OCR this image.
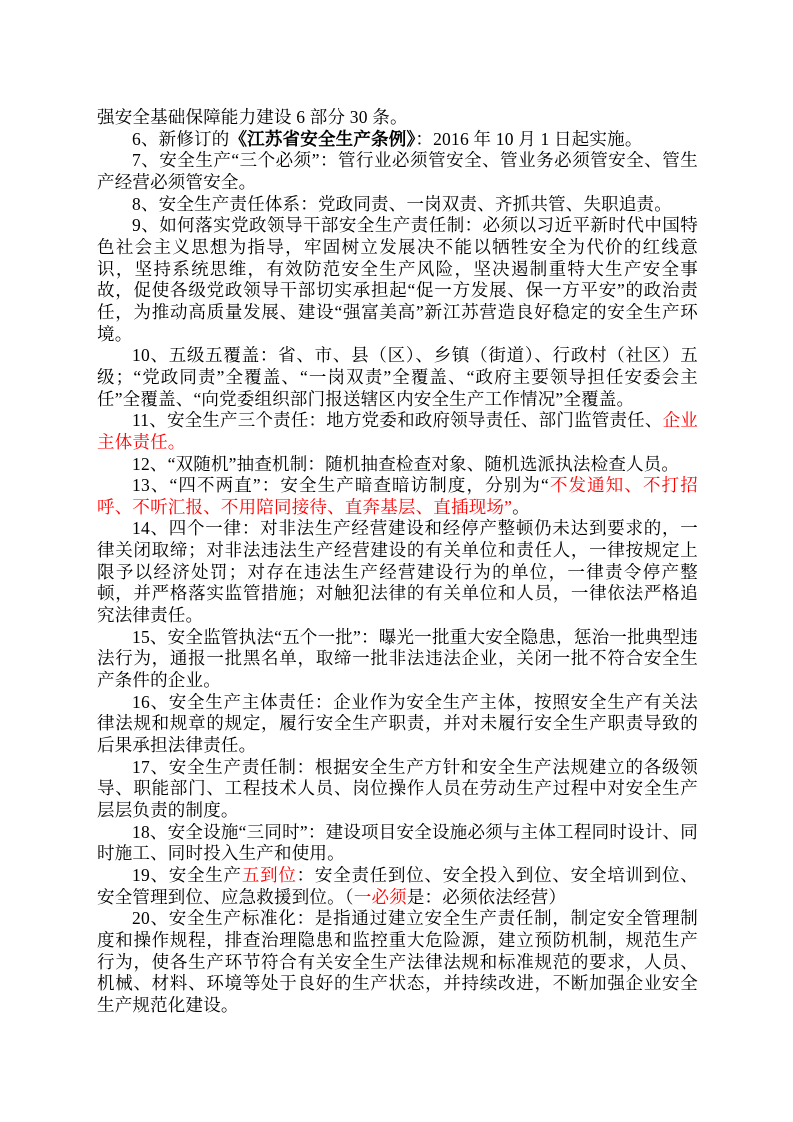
强安全基础保障能力建设 6 部分 30 条。

6、新修订的《江苏省安全生产条例》：2016 年 10 月 1 日起实施。

7、安全生产“三个必须”：管行业必须管安全、管业务必须管安全、管生产经营必须管安全。

8、安全生产责任体系：党政同责、一岗双责、齐抓共管、失职追责。

9、如何落实党政领导干部安全生产责任制：必须以习近平新时代中国特色社会主义思想为指导，牢固树立发展决不能以牺牲安全为代价的红线意识，坚持系统思维，有效防范安全生产风险，坚决遏制重特大生产安全事故，促使各级党政领导干部切实承担起“促一方发展、保一方平安”的政治责任，为推动高质量发展、建设“强富美高”新江苏营造良好稳定的安全生产环境。

10、五级五覆盖：省、市、县（区）、乡镇（街道）、行政村（社区）五级；“党政同责”全覆盖、“一岗双责”全覆盖、“政府主要领导担任安委会主任”全覆盖、“向党委组织部门报送辖区内安全生产工作情况”全覆盖。

11、安全生产三个责任：地方党委和政府领导责任、部门监管责任、企业主体责任。

12、“双随机”抽查机制：随机抽查检查对象、随机选派执法检查人员。

13、“四不两直”：安全生产暗查暗访制度，分别为“不发通知、不打招呼、不听汇报、不用陪同接待、直奔基层、直插现场”。

14、四个一律：对非法生产经营建设和经停产整顿仍未达到要求的，一律关闭取缔；对非法违法生产经营建设的有关单位和责任人，一律按规定上限予以经济处罚；对存在违法生产经营建设行为的单位，一律责令停产整顿，并严格落实监管措施；对触犯法律的有关单位和人员，一律依法严格追究法律责任。

15、安全监管执法“五个一批”：曝光一批重大安全隐患，惩治一批典型违法行为，通报一批黑名单，取缔一批非法违法企业，关闭一批不符合安全生产条件的企业。

16、安全生产主体责任：企业作为安全生产主体，按照安全生产有关法律法规和规章的规定，履行安全生产职责，并对未履行安全生产职责导致的后果承担法律责任。

17、安全生产责任制：根据安全生产方针和安全生产法规建立的各级领导、职能部门、工程技术人员、岗位操作人员在劳动生产过程中对安全生产层层负责的制度。

18、安全设施“三同时”：建设项目安全设施必须与主体工程同时设计、同时施工、同时投入生产和使用。

19、安全生产五到位：安全责任到位、安全投入到位、安全培训到位、安全管理到位、应急救援到位。（一必须是：必须依法经营）

20、安全生产标准化：是指通过建立安全生产责任制，制定安全管理制度和操作规程，排查治理隐患和监控重大危险源，建立预防机制，规范生产行为，使各生产环节符合有关安全生产法律法规和标准规范的要求，人员、机械、材料、环境等处于良好的生产状态，并持续改进，不断加强企业安全生产规范化建设。
